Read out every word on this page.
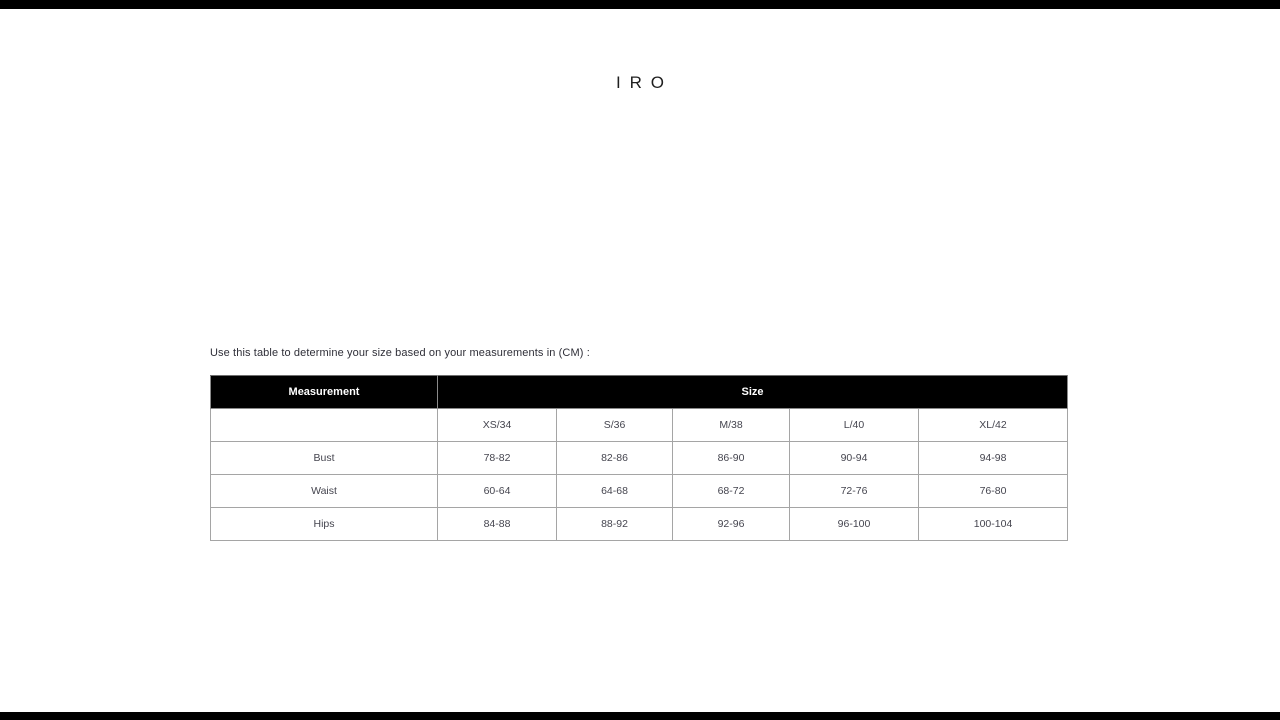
IRO

Use this table to determine your size based on your measurements in (CM) :

Measurement	Size				
	XS/34	S/36	M/38	L/40	XL/42
Bust	78-82	82-86	86-90	90-94	94-98
Waist	60-64	64-68	68-72	72-76	76-80
Hips	84-88	88-92	92-96	96-100	100-104
